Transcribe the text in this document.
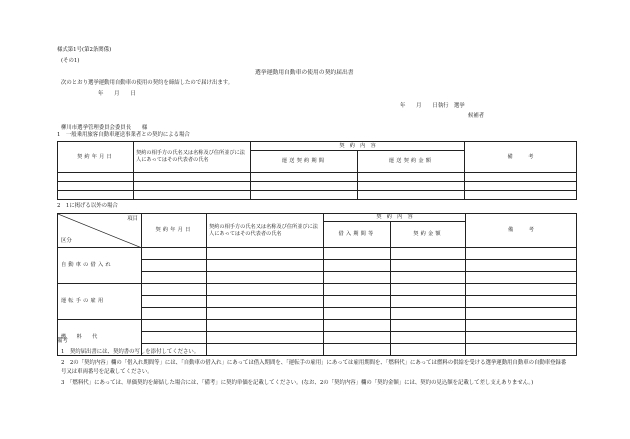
様式第1号(第2条関係)
(その1)
選挙運動用自動車の使用の契約届出書
次のとおり選挙運動用自動車の使用の契約を締結したので届け出ます。
年　　月　　日
年　　月　　日執行　選挙
候補者
柳川市選挙管理委員会委員長　　様
1　一般乗用旅客自動車運送事業者との契約による場合
契約年月日	契約の相手方の氏名又は名称及び住所並びに法人にあってはその代表者の氏名	契　約　内　容		備　　　考
		運送契約期間	運送契約金額	

2　1に掲げる以外の場合
項目
区分	契約年月日	契約の相手方の氏名又は名称及び住所並びに法人にあってはその代表者の氏名	契　約　内　容		備　　　考
			借入期間等	契約金額	
自動車の借入れ					

運転手の雇用					

燃　　料　　代					

備考
1　契約届出書には、契約書の写しを添付してください。
2　2の「契約内容」欄の「借入れ期間等」には、「自動車の借入れ」にあっては借入期間を、「運転手の雇用」にあっては雇用期間を、「燃料代」にあっては燃料の供給を受ける選挙運動用自動車の自動車登録番号又は車両番号を記載してください。
3　「燃料代」にあっては、単価契約を締結した場合には、「備考」に契約単価を記載してください。(なお、2の「契約内容」欄の「契約金額」には、契約の見込額を記載して差し支えありません。)
